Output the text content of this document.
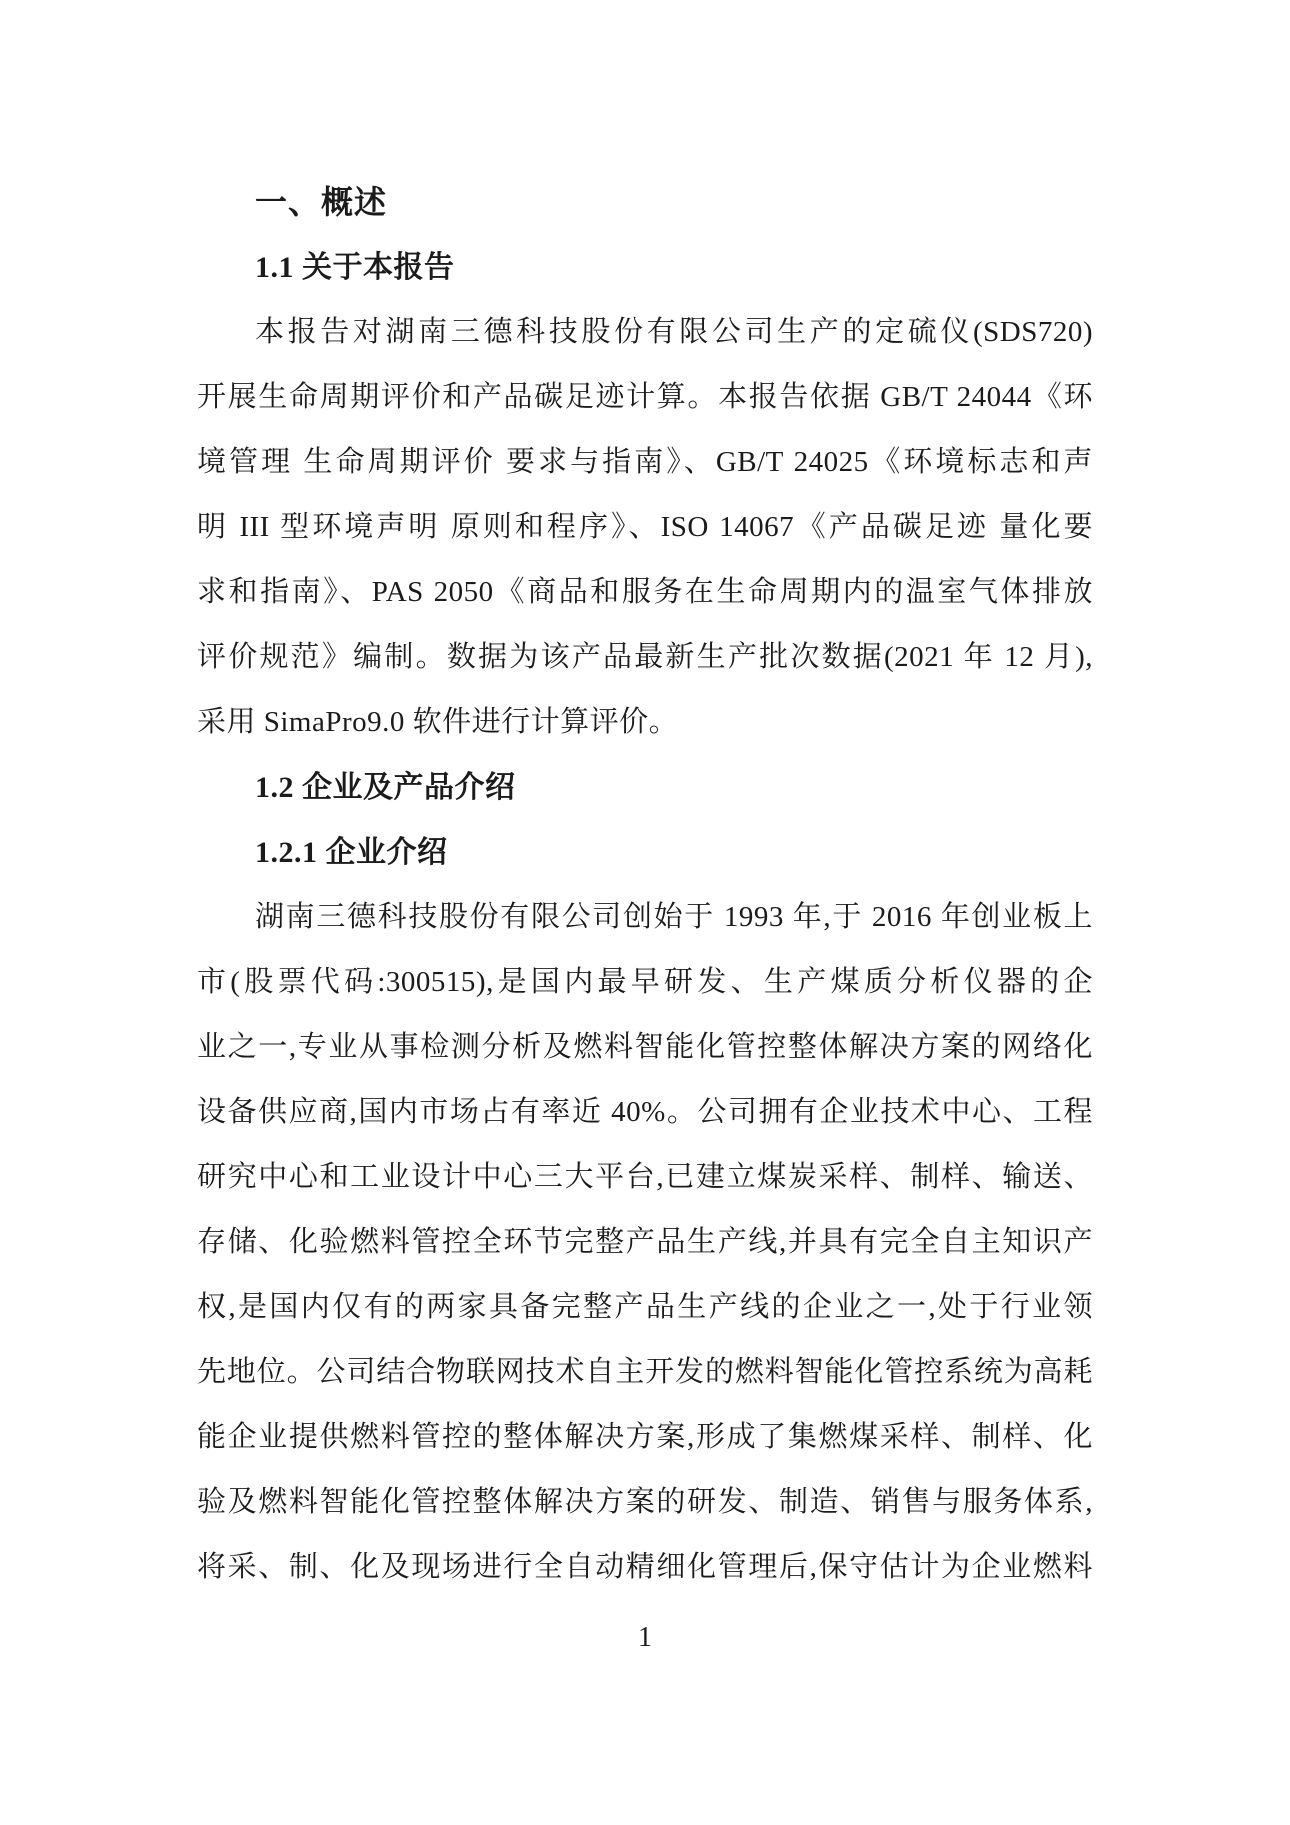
一、概述
1.1 关于本报告
本报告对湖南三德科技股份有限公司生产的定硫仪(SDS720)
开展生命周期评价和产品碳足迹计算。本报告依据 GB/T 24044《环
境管理 生命周期评价 要求与指南》、GB/T 24025《环境标志和声
明 III 型环境声明 原则和程序》、ISO 14067《产品碳足迹 量化要
求和指南》、PAS 2050《商品和服务在生命周期内的温室气体排放
评价规范》编制。数据为该产品最新生产批次数据(2021 年 12 月),
采用 SimaPro9.0 软件进行计算评价。
1.2 企业及产品介绍
1.2.1 企业介绍
湖南三德科技股份有限公司创始于 1993 年,于 2016 年创业板上
市(股票代码:300515),是国内最早研发、生产煤质分析仪器的企
业之一,专业从事检测分析及燃料智能化管控整体解决方案的网络化
设备供应商,国内市场占有率近 40%。公司拥有企业技术中心、工程
研究中心和工业设计中心三大平台,已建立煤炭采样、制样、输送、
存储、化验燃料管控全环节完整产品生产线,并具有完全自主知识产
权,是国内仅有的两家具备完整产品生产线的企业之一,处于行业领
先地位。公司结合物联网技术自主开发的燃料智能化管控系统为高耗
能企业提供燃料管控的整体解决方案,形成了集燃煤采样、制样、化
验及燃料智能化管控整体解决方案的研发、制造、销售与服务体系,
将采、制、化及现场进行全自动精细化管理后,保守估计为企业燃料
1
